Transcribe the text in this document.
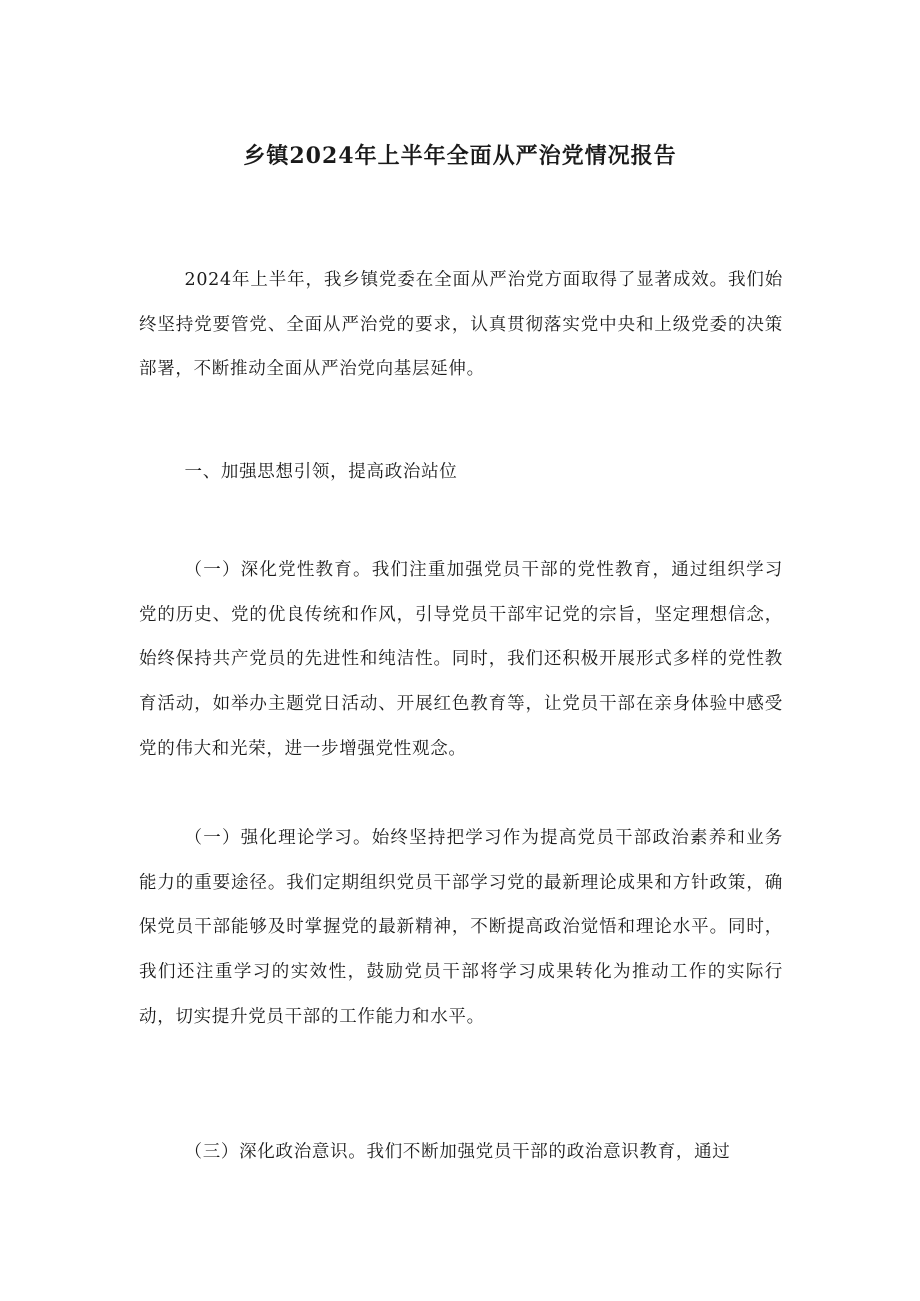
乡镇2024年上半年全面从严治党情况报告

2024年上半年，我乡镇党委在全面从严治党方面取得了显著成效。我们始终坚持党要管党、全面从严治党的要求，认真贯彻落实党中央和上级党委的决策部署，不断推动全面从严治党向基层延伸。

一、加强思想引领，提高政治站位

（一）深化党性教育。我们注重加强党员干部的党性教育，通过组织学习党的历史、党的优良传统和作风，引导党员干部牢记党的宗旨，坚定理想信念，始终保持共产党员的先进性和纯洁性。同时，我们还积极开展形式多样的党性教育活动，如举办主题党日活动、开展红色教育等，让党员干部在亲身体验中感受党的伟大和光荣，进一步增强党性观念。

（一）强化理论学习。始终坚持把学习作为提高党员干部政治素养和业务能力的重要途径。我们定期组织党员干部学习党的最新理论成果和方针政策，确保党员干部能够及时掌握党的最新精神，不断提高政治觉悟和理论水平。同时，我们还注重学习的实效性，鼓励党员干部将学习成果转化为推动工作的实际行动，切实提升党员干部的工作能力和水平。

（三）深化政治意识。我们不断加强党员干部的政治意识教育，通过
